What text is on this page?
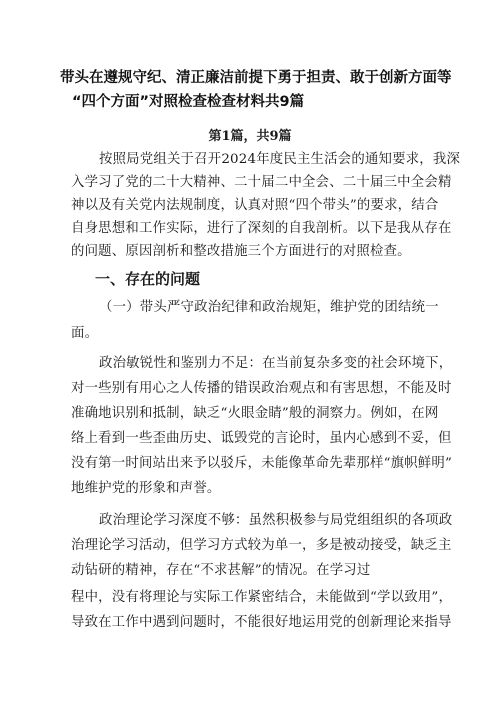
带头在遵规守纪、清正廉洁前提下勇于担责、敢于创新方面等
“四个方面”对照检查检查材料共9篇
第1篇，共9篇
按照局党组关于召开2024年度民主生活会的通知要求，我深
入学习了党的二十大精神、二十届二中全会、二十届三中全会精
神以及有关党内法规制度，认真对照“四个带头”的要求，结合
自身思想和工作实际，进行了深刻的自我剖析。以下是我从存在
的问题、原因剖析和整改措施三个方面进行的对照检查。
一、存在的问题
（一）带头严守政治纪律和政治规矩，维护党的团结统一
面。
政治敏锐性和鉴别力不足：在当前复杂多变的社会环境下，
对一些别有用心之人传播的错误政治观点和有害思想，不能及时
准确地识别和抵制，缺乏“火眼金睛”般的洞察力。例如，在网
络上看到一些歪曲历史、诋毁党的言论时，虽内心感到不妥，但
没有第一时间站出来予以驳斥，未能像革命先辈那样“旗帜鲜明”
地维护党的形象和声誉。
政治理论学习深度不够：虽然积极参与局党组组织的各项政
治理论学习活动，但学习方式较为单一，多是被动接受，缺乏主
动钻研的精神，存在“不求甚解”的情况。在学习过
程中，没有将理论与实际工作紧密结合，未能做到“学以致用”，
导致在工作中遇到问题时，不能很好地运用党的创新理论来指导
